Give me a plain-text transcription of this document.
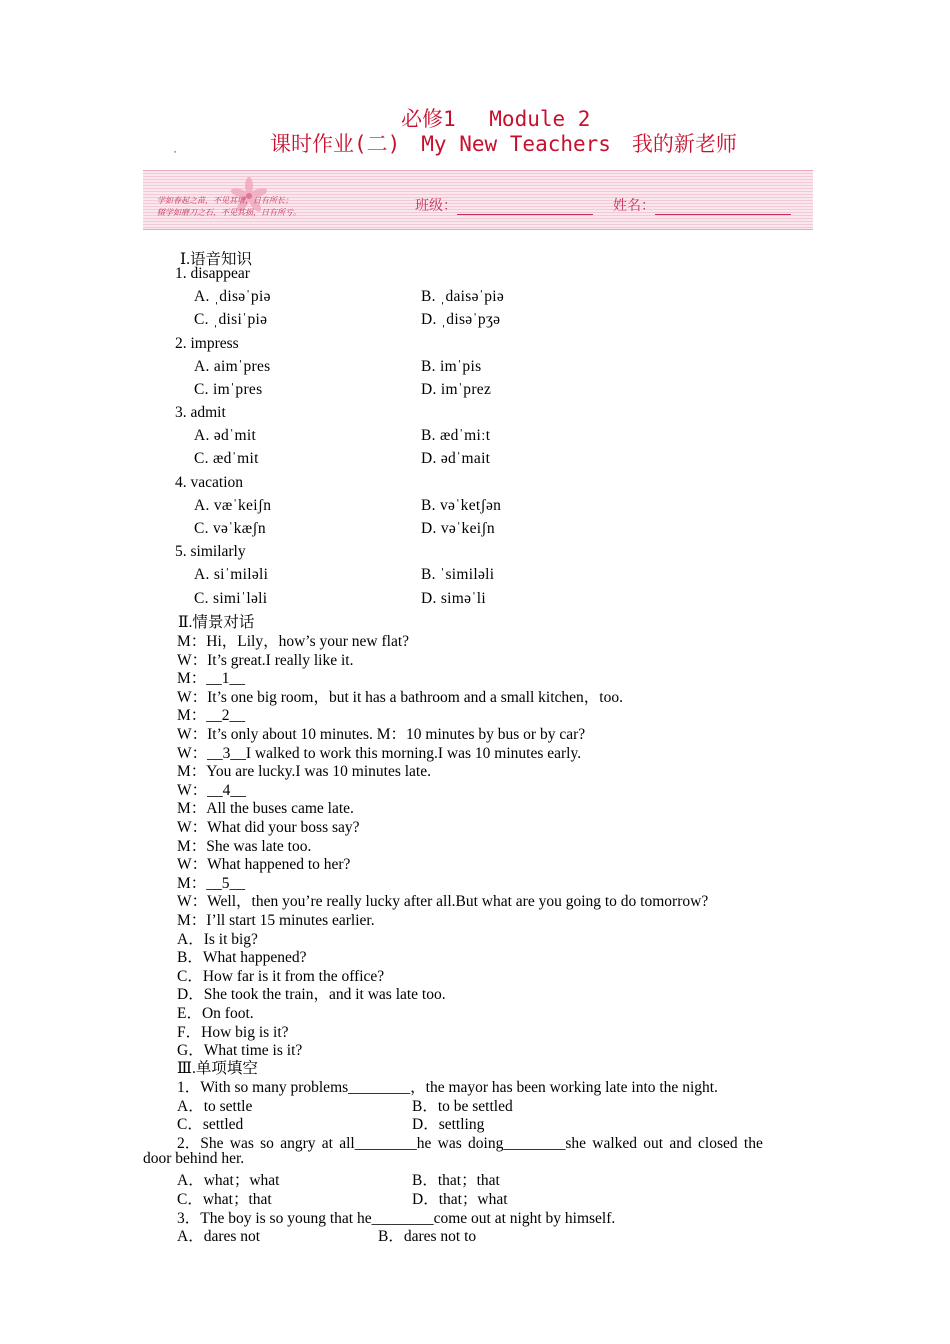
必修1　 Module 2
课时作业(二)　My New Teachers　我的新老师
▪
学如春起之苗，不见其增，日有所长；
辍学如磨刀之石，不见其损，日有所亏。	班级：	姓名：
Ⅰ.语音知识
1. disappear
A. ˌdisəˈpiə	B. ˌdaisəˈpiə
C. ˌdisiˈpiə	D. ˌdisəˈpʒə
2. impress
A. aimˈpres	B. imˈpis
C. imˈpres	D. imˈprez
3. admit
A. ədˈmit	B. ædˈmiːt
C. ædˈmit	D. ədˈmait
4. vacation
A. væˈkeiʃn	B. vəˈketʃən
C. vəˈkæʃn	D. vəˈkeiʃn
5. similarly
A. siˈmiləli	B. ˈsimiləli
C. simiˈləli	D. siməˈli
Ⅱ.情景对话
M：Hi，Lily，how’s your new flat?
W：It’s great.I really like it.
M：__1__
W：It’s one big room，but it has a bathroom and a small kitchen，too.
M：__2__
W：It’s only about 10 minutes. M：10 minutes by bus or by car?
W：__3__I walked to work this morning.I was 10 minutes early.
M：You are lucky.I was 10 minutes late.
W：__4__
M：All the buses came late.
W：What did your boss say?
M：She was late too.
W：What happened to her?
M：__5__
W：Well，then you’re really lucky after all.But what are you going to do tomorrow?
M：I’ll start 15 minutes earlier.
A．Is it big?
B．What happened?
C．How far is it from the office?
D．She took the train，and it was late too.
E．On foot.
F．How big is it?
G．What time is it?
Ⅲ.单项填空
1．With so many problems________，the mayor has been working late into the night.
A．to settle	B．to be settled
C．settled	D．settling
2．She was so angry at all________he was doing________she walked out and closed the
door behind her.
A．what；what	B．that；that
C．what；that	D．that；what
3．The boy is so young that he________come out at night by himself.
A．dares not	B．dares not to
